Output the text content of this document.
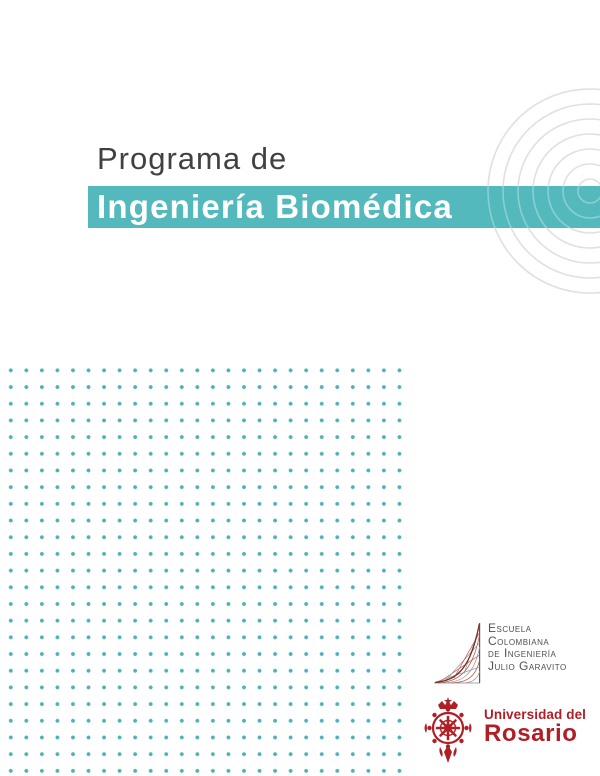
Programa de
Ingeniería Biomédica
Escuela
Colombiana
de Ingeniería
Julio Garavito
Universidad del
Rosario
